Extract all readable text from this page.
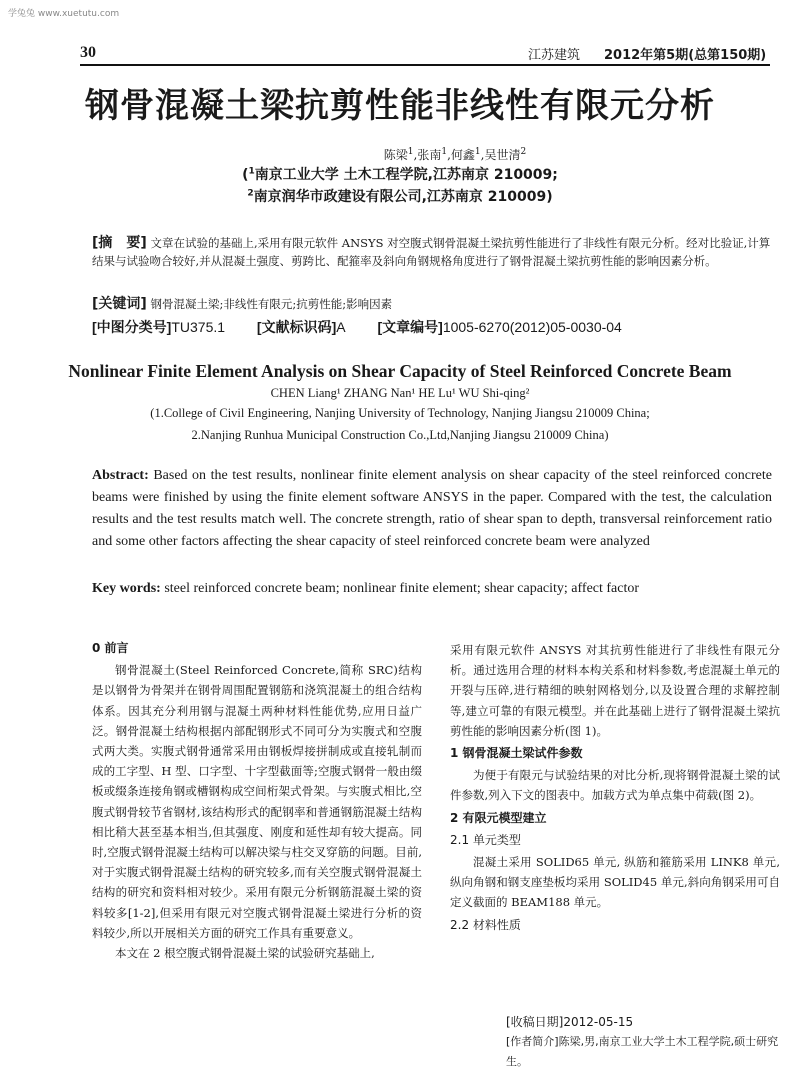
学兔兔 www.xuetutu.com
30	江苏建筑 2012年第5期(总第150期)
钢骨混凝土梁抗剪性能非线性有限元分析
陈梁$^1$,张南$^1$,何鑫$^1$,吴世清$^2$
($^1$南京工业大学 土木工程学院,江苏南京 210009;
$^2$南京润华市政建设有限公司,江苏南京 210009)
[摘　要] 文章在试验的基础上,采用有限元软件 ANSYS 对空腹式钢骨混凝土梁抗剪性能进行了非线性有限元分析。经对比验证,计算结果与试验吻合较好,并从混凝土强度、剪跨比、配箍率及斜向角钢规格角度进行了钢骨混凝土梁抗剪性能的影响因素分析。
[关键词] 钢骨混凝土梁;非线性有限元;抗剪性能;影响因素
[中图分类号]TU375.1 [文献标识码]A [文章编号]1005-6270(2012)05-0030-04
Nonlinear Finite Element Analysis on Shear Capacity of Steel Reinforced Concrete Beam
CHEN Liang¹ ZHANG Nan¹ HE Lu¹ WU Shi-qing²
(1.College of Civil Engineering, Nanjing University of Technology, Nanjing Jiangsu 210009 China;
2.Nanjing Runhua Municipal Construction Co.,Ltd,Nanjing Jiangsu 210009 China)
Abstract: Based on the test results, nonlinear finite element analysis on shear capacity of the steel reinforced concrete beams were finished by using the finite element software ANSYS in the paper. Compared with the test, the calculation results and the test results match well. The concrete strength, ratio of shear span to depth, transversal reinforcement ratio and some other factors affecting the shear capacity of steel reinforced concrete beam were analyzed
Key words: steel reinforced concrete beam; nonlinear finite element; shear capacity; affect factor
0 前言

钢骨混凝土(Steel Reinforced Concrete,简称 SRC)结构是以钢骨为骨架并在钢骨周围配置钢筋和浇筑混凝土的组合结构体系。因其充分利用钢与混凝土两种材料性能优势,应用日益广泛。钢骨混凝土结构根据内部配钢形式不同可分为实腹式和空腹式两大类。实腹式钢骨通常采用由钢板焊接拼制成或直接轧制而成的工字型、H 型、口字型、十字型截面等;空腹式钢骨一般由缀板或缀条连接角钢或槽钢构成空间桁架式骨架。与实腹式相比,空腹式钢骨较节省钢材,该结构形式的配钢率和普通钢筋混凝土结构相比稍大甚至基本相当,但其强度、刚度和延性却有较大提高。同时,空腹式钢骨混凝土结构可以解决梁与柱交叉穿筋的问题。目前,对于实腹式钢骨混凝土结构的研究较多,而有关空腹式钢骨混凝土结构的研究和资料相对较少。采用有限元分析钢筋混凝土梁的资料较多[1-2],但采用有限元对空腹式钢骨混凝土梁进行分析的资料较少,所以开展相关方面的研究工作具有重要意义。

本文在 2 根空腹式钢骨混凝土梁的试验研究基础上,

采用有限元软件 ANSYS 对其抗剪性能进行了非线性有限元分析。通过选用合理的材料本构关系和材料参数,考虑混凝土单元的开裂与压碎,进行精细的映射网格划分,以及设置合理的求解控制等,建立可靠的有限元模型。并在此基础上进行了钢骨混凝土梁抗剪性能的影响因素分析(图 1)。

1 钢骨混凝土梁试件参数

为便于有限元与试验结果的对比分析,现将钢骨混凝土梁的试件参数,列入下文的图表中。加载方式为单点集中荷载(图 2)。

2 有限元模型建立
2.1 单元类型

混凝土采用 SOLID65 单元, 纵筋和箍筋采用 LINK8 单元,纵向角钢和钢支座垫板均采用 SOLID45 单元,斜向角钢采用可自定义截面的 BEAM188 单元。

2.2 材料性质
[收稿日期]2012-05-15
[作者简介]陈梁,男,南京工业大学土木工程学院,硕士研究生。
